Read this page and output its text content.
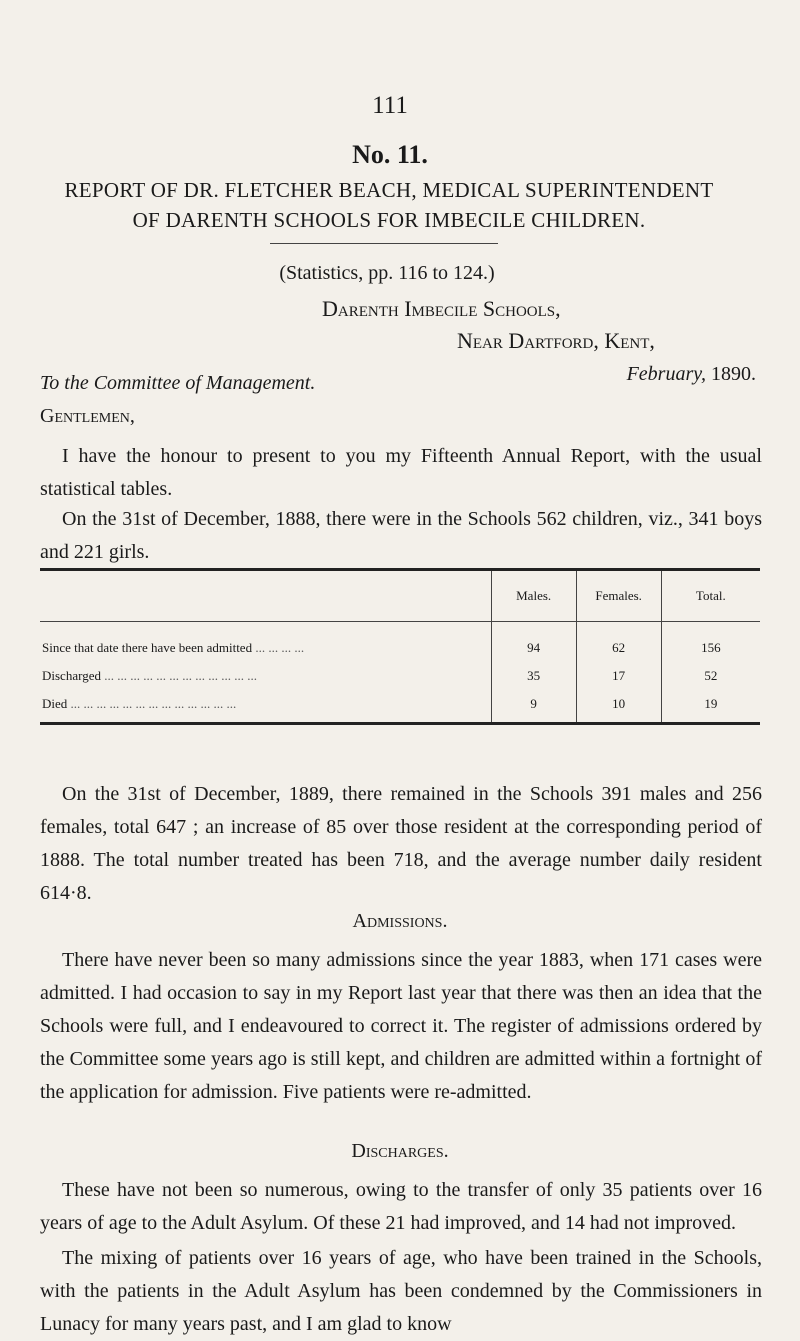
111
No. 11.
REPORT OF DR. FLETCHER BEACH, MEDICAL SUPERINTENDENT
OF DARENTH SCHOOLS FOR IMBECILE CHILDREN.
(Statistics, pp. 116 to 124.)
Darenth Imbecile Schools,
Near Dartford, Kent,
February, 1890.
To the Committee of Management.
Gentlemen,
I have the honour to present to you my Fifteenth Annual Report, with the usual statistical tables.
On the 31st of December, 1888, there were in the Schools 562 children, viz., 341 boys and 221 girls.
	Males.	Females.	Total.
Since that date there have been admitted ... ... ... ...	94	62	156
Discharged ... ... ... ... ... ... ... ... ... ... ... ...	35	17	52
Died ... ... ... ... ... ... ... ... ... ... ... ... ...	9	10	19
On the 31st of December, 1889, there remained in the Schools 391 males and 256 females, total 647 ; an increase of 85 over those resident at the corresponding period of 1888. The total number treated has been 718, and the average number daily resident 614·8.
Admissions.
There have never been so many admissions since the year 1883, when 171 cases were admitted. I had occasion to say in my Report last year that there was then an idea that the Schools were full, and I endeavoured to correct it. The register of admissions ordered by the Committee some years ago is still kept, and children are admitted within a fortnight of the application for admission. Five patients were re-admitted.
Discharges.
These have not been so numerous, owing to the transfer of only 35 patients over 16 years of age to the Adult Asylum. Of these 21 had improved, and 14 had not improved.
The mixing of patients over 16 years of age, who have been trained in the Schools, with the patients in the Adult Asylum has been condemned by the Commissioners in Lunacy for many years past, and I am glad to know
